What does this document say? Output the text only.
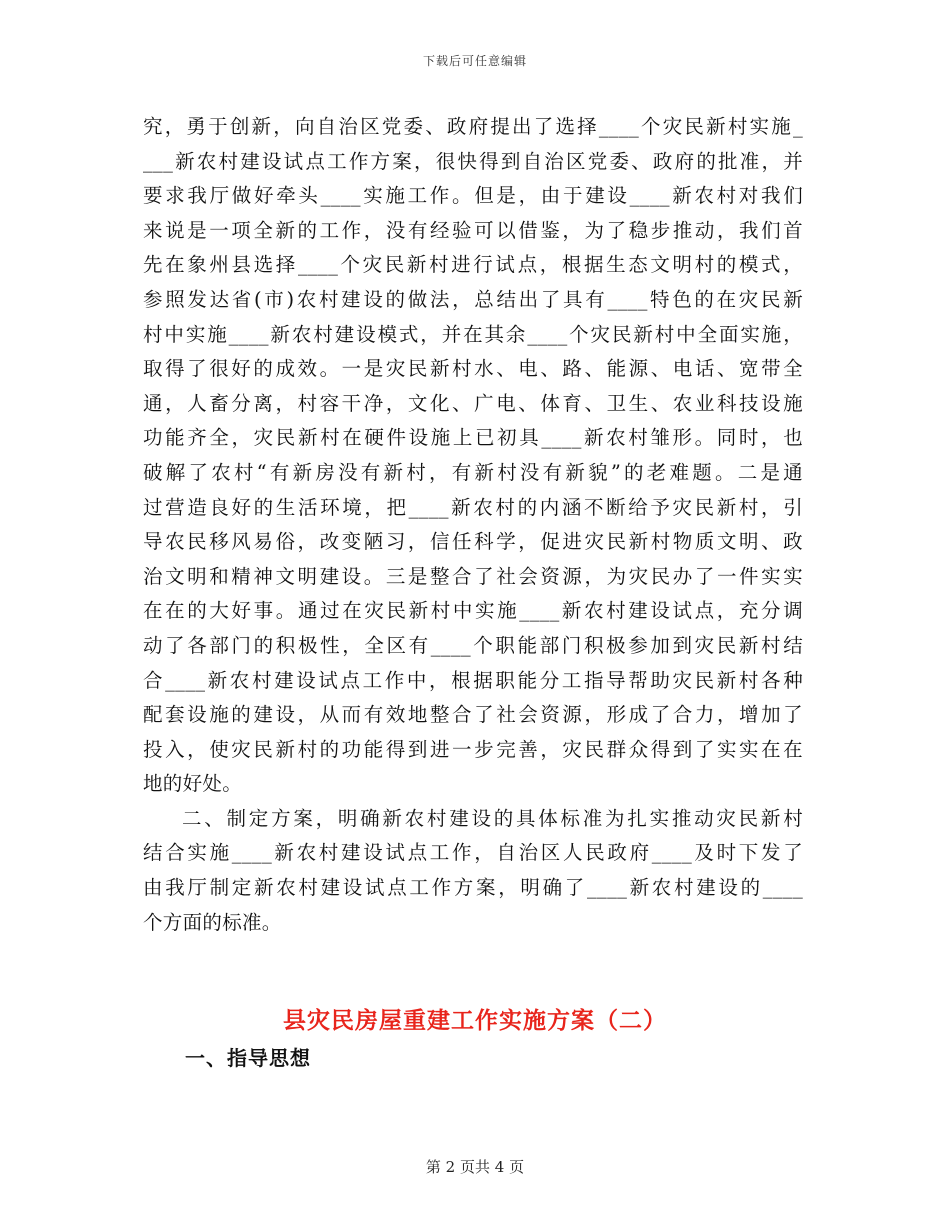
下载后可任意编辑
究，勇于创新，向自治区党委、政府提出了选择____个灾民新村实施_
___新农村建设试点工作方案，很快得到自治区党委、政府的批准，并
要求我厅做好牵头____实施工作。但是，由于建设____新农村对我们
来说是一项全新的工作，没有经验可以借鉴，为了稳步推动，我们首
先在象州县选择____个灾民新村进行试点，根据生态文明村的模式，
参照发达省(市)农村建设的做法，总结出了具有____特色的在灾民新
村中实施____新农村建设模式，并在其余____个灾民新村中全面实施，
取得了很好的成效。一是灾民新村水、电、路、能源、电话、宽带全
通，人畜分离，村容干净，文化、广电、体育、卫生、农业科技设施
功能齐全，灾民新村在硬件设施上已初具____新农村雏形。同时，也
破解了农村“有新房没有新村，有新村没有新貌”的老难题。二是通
过营造良好的生活环境，把____新农村的内涵不断给予灾民新村，引
导农民移风易俗，改变陋习，信任科学，促进灾民新村物质文明、政
治文明和精神文明建设。三是整合了社会资源，为灾民办了一件实实
在在的大好事。通过在灾民新村中实施____新农村建设试点，充分调
动了各部门的积极性，全区有____个职能部门积极参加到灾民新村结
合____新农村建设试点工作中，根据职能分工指导帮助灾民新村各种
配套设施的建设，从而有效地整合了社会资源，形成了合力，增加了
投入，使灾民新村的功能得到进一步完善，灾民群众得到了实实在在
地的好处。
二、制定方案，明确新农村建设的具体标准为扎实推动灾民新村
结合实施____新农村建设试点工作，自治区人民政府____及时下发了
由我厅制定新农村建设试点工作方案，明确了____新农村建设的____
个方面的标准。
县灾民房屋重建工作实施方案（二）
一、指导思想
第 2 页共 4 页
